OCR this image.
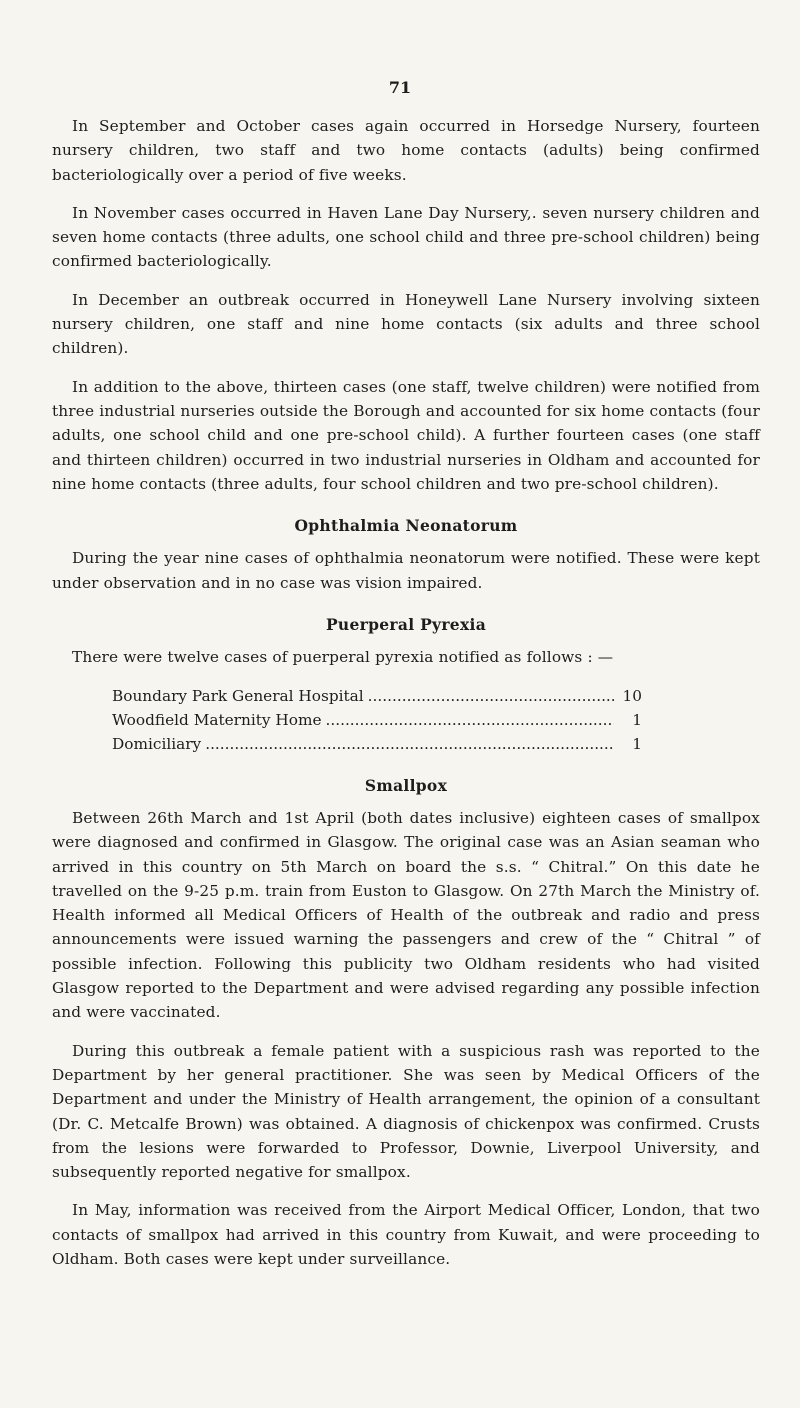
71

In September and October cases again occurred in Horsedge Nursery, fourteen nursery children, two staff and two home contacts (adults) being confirmed bacteriologically over a period of five weeks.

In November cases occurred in Haven Lane Day Nursery,. seven nursery children and seven home contacts (three adults, one school child and three pre-school children) being confirmed bacteriologically.

In December an outbreak occurred in Honeywell Lane Nursery involving sixteen nursery children, one staff and nine home contacts (six adults and three school children).

In addition to the above, thirteen cases (one staff, twelve children) were notified from three industrial nurseries outside the Borough and accounted for six home contacts (four adults, one school child and one pre-school child). A further fourteen cases (one staff and thirteen children) occurred in two industrial nurseries in Oldham and accounted for nine home contacts (three adults, four school children and two pre-school children).

Ophthalmia Neonatorum

During the year nine cases of ophthalmia neonatorum were notified. These were kept under observation and in no case was vision impaired.

Puerperal Pyrexia

There were twelve cases of puerperal pyrexia notified as follows : —

Boundary Park General Hospital .....	10
Woodfield Maternity Home .....	1
Domiciliary .....	1
Smallpox

Between 26th March and 1st April (both dates inclusive) eighteen cases of smallpox were diagnosed and confirmed in Glasgow. The original case was an Asian seaman who arrived in this country on 5th March on board the s.s. “ Chitral.” On this date he travelled on the 9-25 p.m. train from Euston to Glasgow. On 27th March the Ministry of. Health informed all Medical Officers of Health of the outbreak and radio and press announcements were issued warning the passengers and crew of the “ Chitral ” of possible infection. Following this publicity two Oldham residents who had visited Glasgow reported to the Department and were advised regarding any possible infection and were vaccinated.

During this outbreak a female patient with a suspicious rash was reported to the Department by her general practitioner. She was seen by Medical Officers of the Department and under the Ministry of Health arrangement, the opinion of a consultant (Dr. C. Metcalfe Brown) was obtained. A diagnosis of chickenpox was confirmed. Crusts from the lesions were forwarded to Professor, Downie, Liverpool University, and subsequently reported negative for smallpox.

In May, information was received from the Airport Medical Officer, London, that two contacts of smallpox had arrived in this country from Kuwait, and were proceeding to Oldham. Both cases were kept under surveillance.
